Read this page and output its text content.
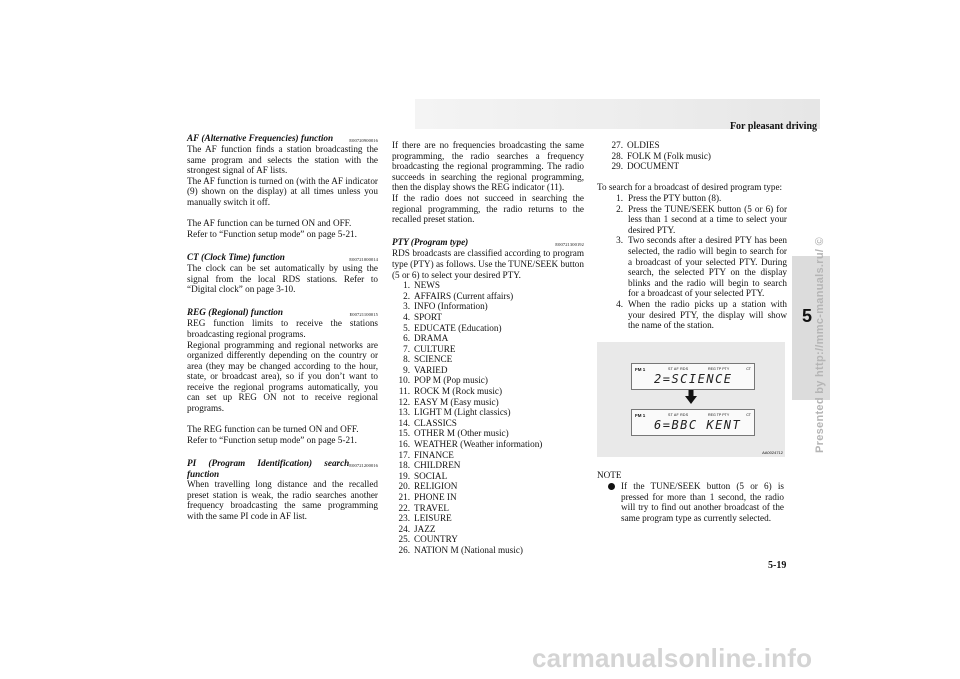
For pleasant driving
5 Presented by http://mmc-manuals.ru/ ©
AF (Alternative Frequencies) function	E00720900016

The AF function finds a station broadcasting the same program and selects the station with the strongest signal of AF lists.

The AF function is turned on (with the AF indicator (9) shown on the display) at all times unless you manually switch it off.

The AF function can be turned ON and OFF.

Refer to “Function setup mode” on page 5-21.

CT (Clock Time) function	E00721000014

The clock can be set automatically by using the signal from the local RDS stations. Refer to “Digital clock” on page 3-10.

REG (Regional) function	E00721100015

REG function limits to receive the stations broadcasting regional programs.

Regional programming and regional networks are organized differently depending on the country or area (they may be changed according to the hour, state, or broadcast area), so if you don’t want to receive the regional programs automatically, you can set up REG ON not to receive regional programs.

The REG function can be turned ON and OFF.

Refer to “Function setup mode” on page 5-21.

PI (Program Identification) search function
E00721200016

When travelling long distance and the recalled preset station is weak, the radio searches another frequency broadcasting the same programming with the same PI code in AF list.

If there are no frequencies broadcasting the same programming, the radio searches a frequency broadcasting the regional programming. The radio succeeds in searching the regional programming, then the display shows the REG indicator (11).

If the radio does not succeed in searching the regional programming, the radio returns to the recalled preset station.

PTY (Program type)	E00721300192

RDS broadcasts are classified according to program type (PTY) as follows. Use the TUNE/SEEK button (5 or 6) to select your desired PTY.

1. NEWS
2. AFFAIRS (Current affairs)
3. INFO (Information)
4. SPORT
5. EDUCATE (Education)
6. DRAMA
7. CULTURE
8. SCIENCE
9. VARIED
10. POP M (Pop music)
11. ROCK M (Rock music)
12. EASY M (Easy music)
13. LIGHT M (Light classics)
14. CLASSICS
15. OTHER M (Other music)
16. WEATHER (Weather information)
17. FINANCE
18. CHILDREN
19. SOCIAL
20. RELIGION
21. PHONE IN
22. TRAVEL
23. LEISURE
24. JAZZ
25. COUNTRY
26. NATION M (National music)
27. OLDIES
28. FOLK M (Folk music)
29. DOCUMENT

To search for a broadcast of desired program type:

1. Press the PTY button (8).
2. Press the TUNE/SEEK button (5 or 6) for less than 1 second at a time to select your desired PTY.
3. Two seconds after a desired PTY has been selected, the radio will begin to search for a broadcast of your selected PTY. During search, the selected PTY on the display blinks and the radio will begin to search for a broadcast of your selected PTY.
4. When the radio picks up a station with your desired PTY, the display will show the name of the station.
FM 1	ST AF RDS	REG TP PTY	CT
2=SCIENCE
FM 1	ST AF RDS	REG TP PTY	CT
6=BBC KENT
AA0024712
NOTE
If the TUNE/SEEK button (5 or 6) is pressed for more than 1 second, the radio will try to find out another broadcast of the same program type as currently selected.
5-19
carmanualsonline.info
